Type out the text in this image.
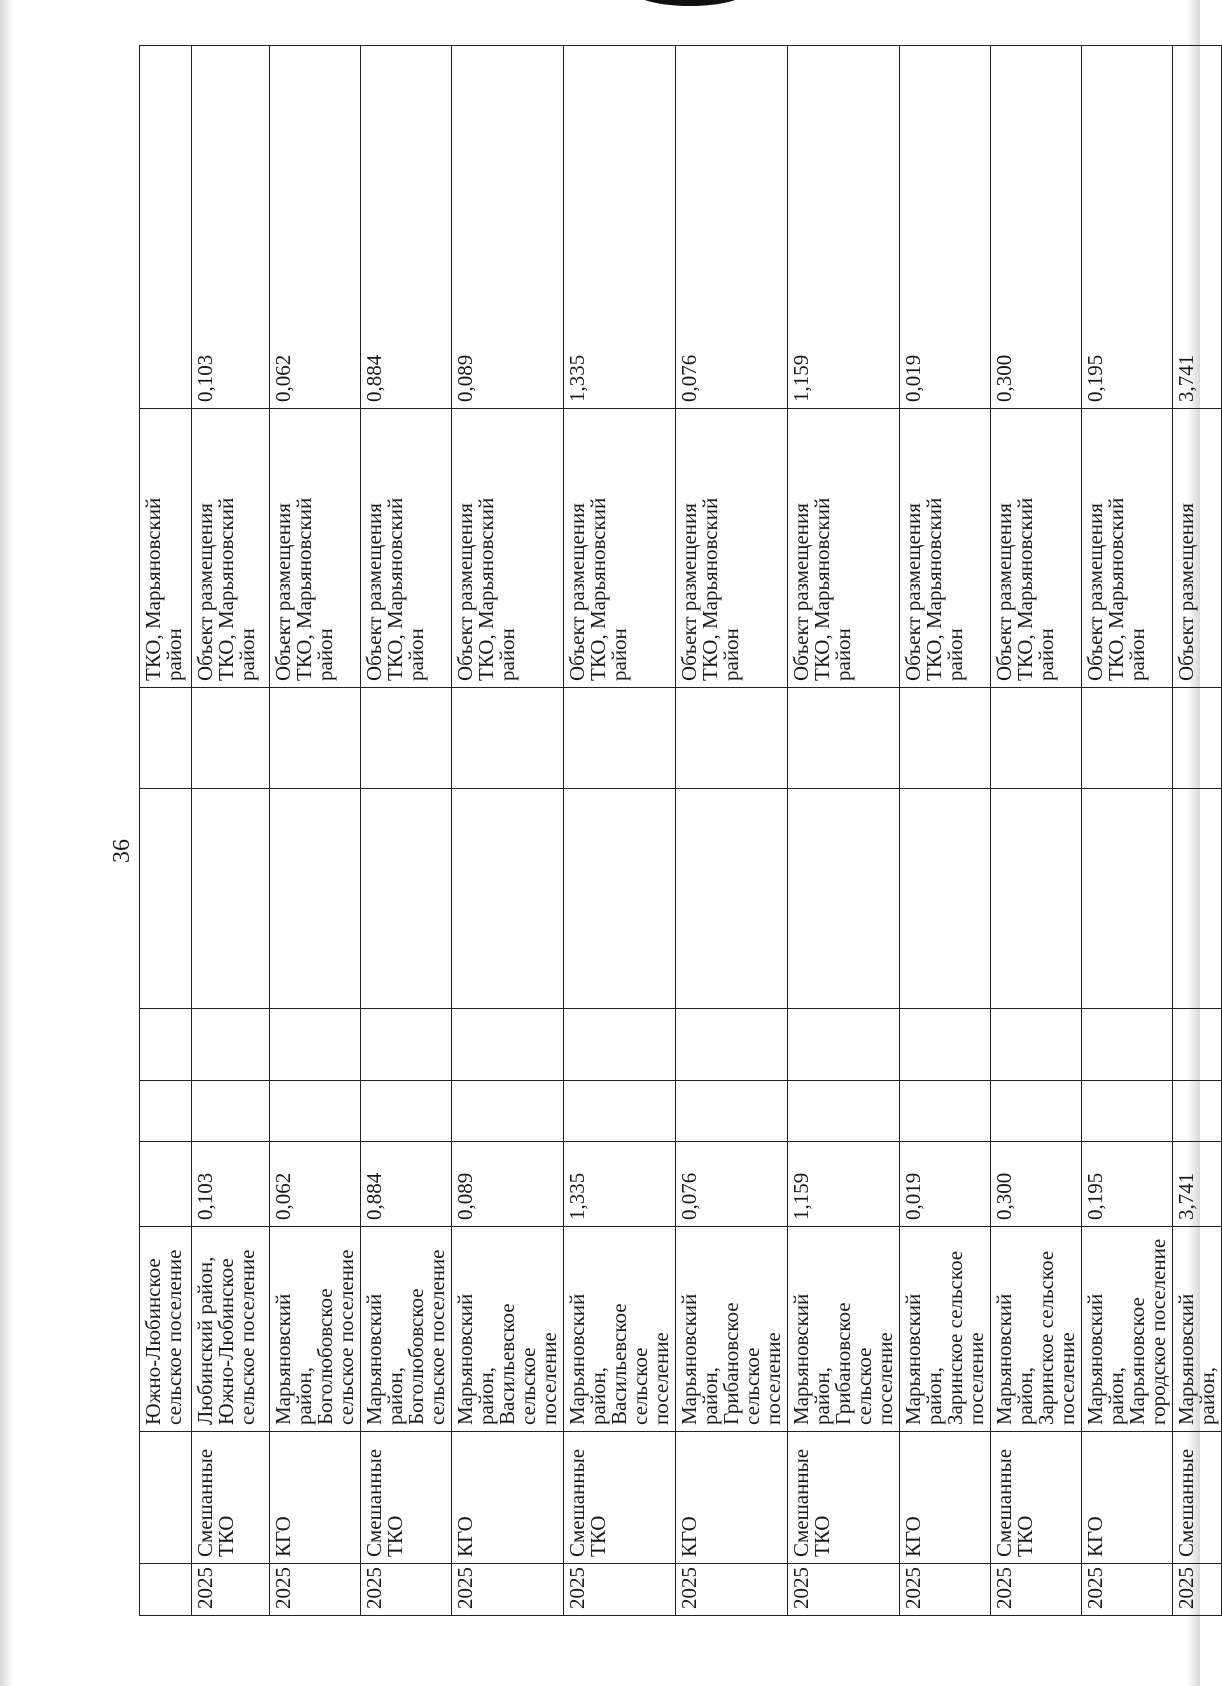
36
		Южно-Любинское
сельское поселение						ТКО, Марьяновский
район	
2025	Смешанные
ТКО	Любинский район,
Южно-Любинское
сельское поселение	0,103					Объект размещения
ТКО, Марьяновский
район	0,103
2025	КГО	Марьяновский район,
Боголюбовское
сельское поселение	0,062					Объект размещения
ТКО, Марьяновский
район	0,062
2025	Смешанные
ТКО	Марьяновский район,
Боголюбовское
сельское поселение	0,884					Объект размещения
ТКО, Марьяновский
район	0,884
2025	КГО	Марьяновский район,
Васильевское сельское
поселение	0,089					Объект размещения
ТКО, Марьяновский
район	0,089
2025	Смешанные
ТКО	Марьяновский район,
Васильевское сельское
поселение	1,335					Объект размещения
ТКО, Марьяновский
район	1,335
2025	КГО	Марьяновский район,
Грибановское сельское
поселение	0,076					Объект размещения
ТКО, Марьяновский
район	0,076
2025	Смешанные
ТКО	Марьяновский район,
Грибановское сельское
поселение	1,159					Объект размещения
ТКО, Марьяновский
район	1,159
2025	КГО	Марьяновский район,
Заринское сельское
поселение	0,019					Объект размещения
ТКО, Марьяновский
район	0,019
2025	Смешанные
ТКО	Марьяновский район,
Заринское сельское
поселение	0,300					Объект размещения
ТКО, Марьяновский
район	0,300
2025	КГО	Марьяновский район,
Марьяновское
городское поселение	0,195					Объект размещения
ТКО, Марьяновский
район	0,195
2025	Смешанные	Марьяновский район,	3,741					Объект размещения	3,741
